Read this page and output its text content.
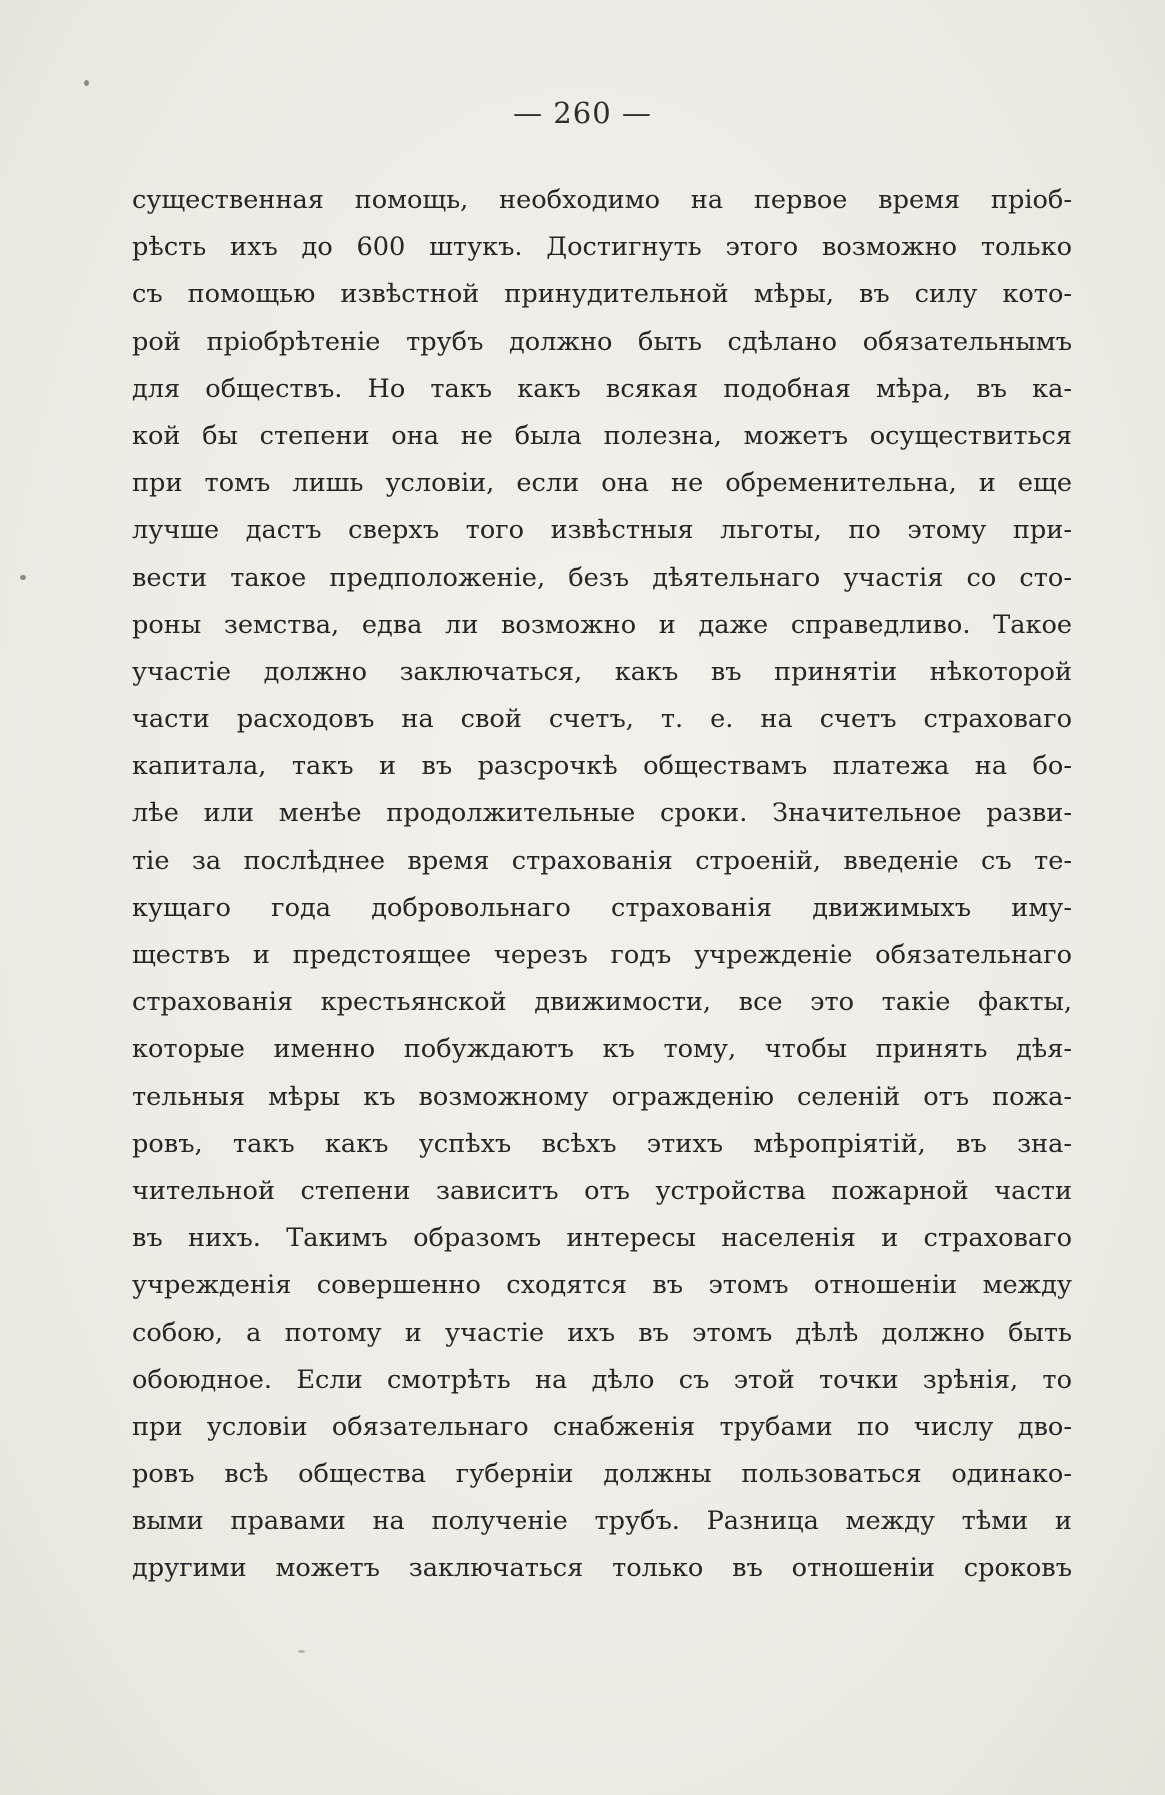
— 260 —
существенная помощь, необходимо на первое время пріоб-
рѣсть ихъ до 600 штукъ. Достигнуть этого возможно только
съ помощью извѣстной принудительной мѣры, въ силу кото-
рой пріобрѣтеніе трубъ должно быть сдѣлано обязательнымъ
для обществъ. Но такъ какъ всякая подобная мѣра, въ ка-
кой бы степени она не была полезна, можетъ осуществиться
при томъ лишь условіи, если она не обременительна, и еще
лучше дастъ сверхъ того извѣстныя льготы, по этому при-
вести такое предположеніе, безъ дѣятельнаго участія со сто-
роны земства, едва ли возможно и даже справедливо. Такое
участіе должно заключаться, какъ въ принятіи нѣкоторой
части расходовъ на свой счетъ, т. е. на счетъ страховаго
капитала, такъ и въ разсрочкѣ обществамъ платежа на бо-
лѣе или менѣе продолжительные сроки. Значительное разви-
тіе за послѣднее время страхованія строеній, введеніе съ те-
кущаго года добровольнаго страхованія движимыхъ иму-
ществъ и предстоящее черезъ годъ учрежденіе обязательнаго
страхованія крестьянской движимости, все это такіе факты,
которые именно побуждаютъ къ тому, чтобы принять дѣя-
тельныя мѣры къ возможному огражденію селеній отъ пожа-
ровъ, такъ какъ успѣхъ всѣхъ этихъ мѣропріятій, въ зна-
чительной степени зависитъ отъ устройства пожарной части
въ нихъ. Такимъ образомъ интересы населенія и страховаго
учрежденія совершенно сходятся въ этомъ отношеніи между
собою, а потому и участіе ихъ въ этомъ дѣлѣ должно быть
обоюдное. Если смотрѣть на дѣло съ этой точки зрѣнія, то
при условіи обязательнаго снабженія трубами по числу дво-
ровъ всѣ общества губерніи должны пользоваться одинако-
выми правами на полученіе трубъ. Разница между тѣми и
другими можетъ заключаться только въ отношеніи сроковъ
